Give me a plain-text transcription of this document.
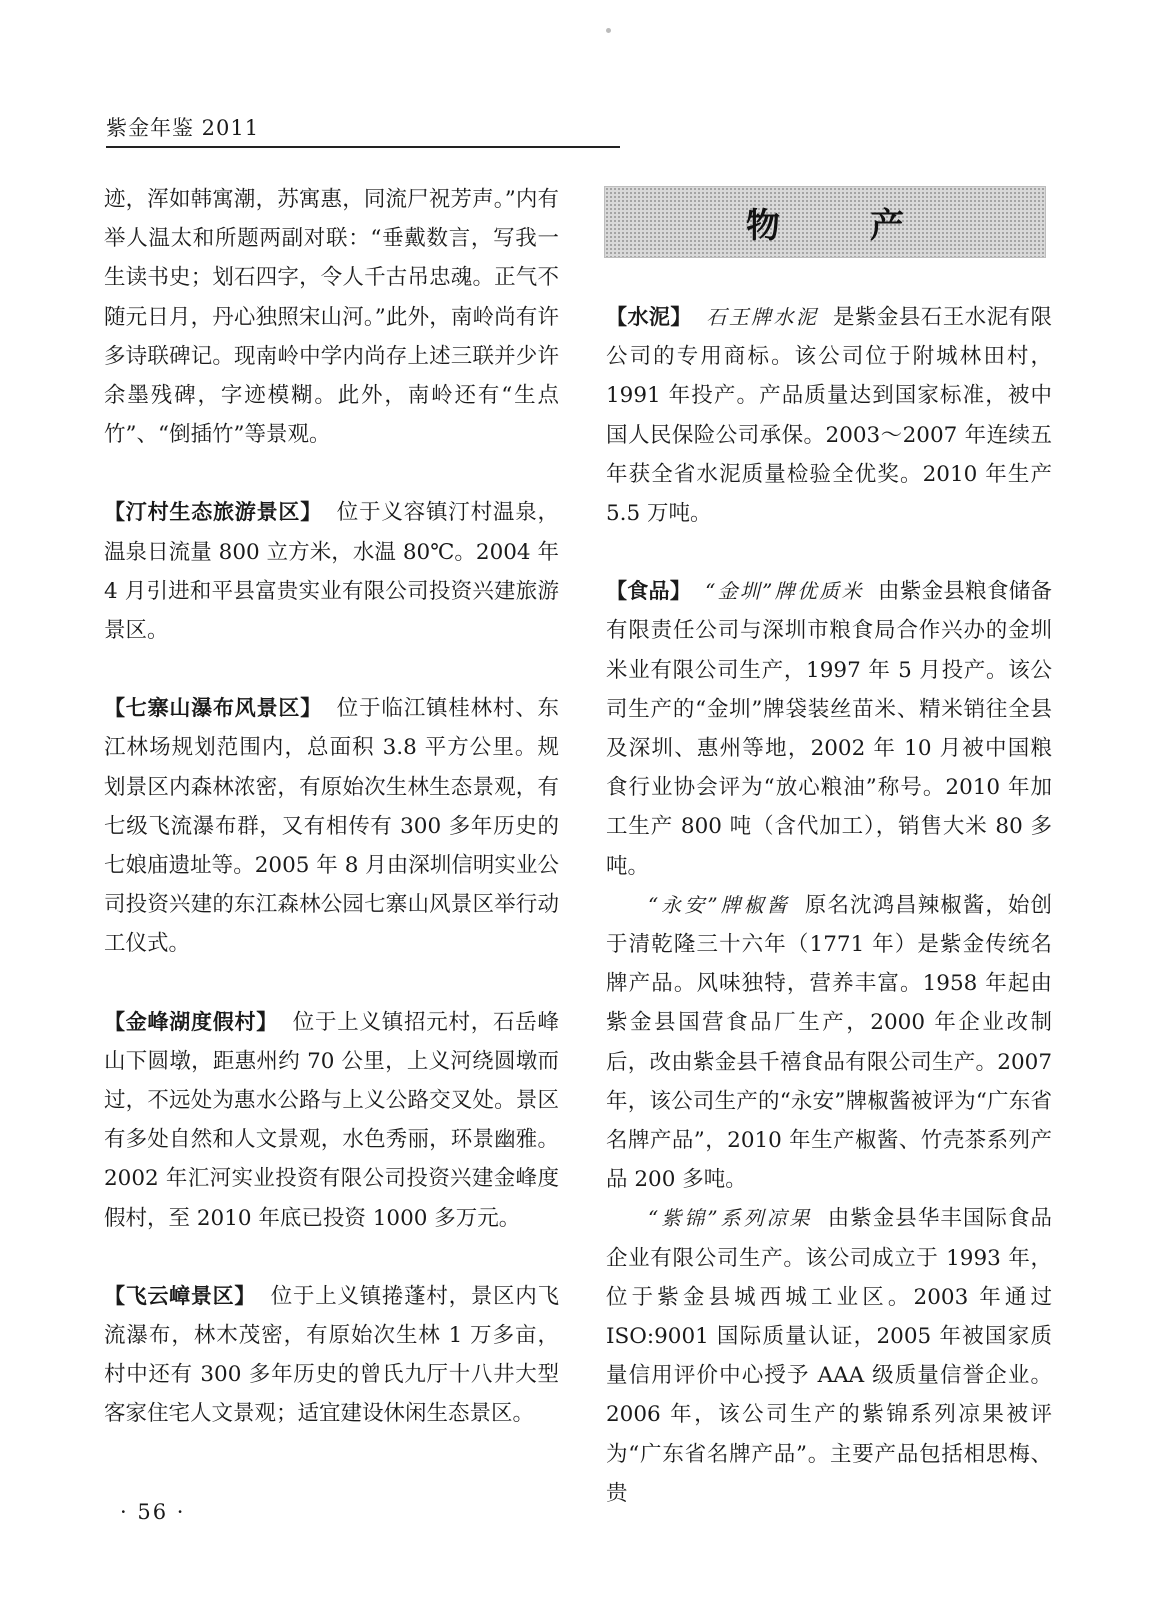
紫金年鉴 2011

迹，浑如韩寓潮，苏寓惠，同流尸祝芳声。”内有举人温太和所题两副对联：“垂戴数言，写我一生读书史；划石四字，令人千古吊忠魂。正气不随元日月，丹心独照宋山河。”此外，南岭尚有许多诗联碑记。现南岭中学内尚存上述三联并少许余墨残碑，字迹模糊。此外，南岭还有“生点竹”、“倒插竹”等景观。

【汀村生态旅游景区】 位于义容镇汀村温泉，温泉日流量 800 立方米，水温 80℃。2004 年 4 月引进和平县富贵实业有限公司投资兴建旅游景区。

【七寨山瀑布风景区】 位于临江镇桂林村、东江林场规划范围内，总面积 3.8 平方公里。规划景区内森林浓密，有原始次生林生态景观，有七级飞流瀑布群，又有相传有 300 多年历史的七娘庙遗址等。2005 年 8 月由深圳信明实业公司投资兴建的东江森林公园七寨山风景区举行动工仪式。

【金峰湖度假村】 位于上义镇招元村，石岳峰山下圆墩，距惠州约 70 公里，上义河绕圆墩而过，不远处为惠水公路与上义公路交叉处。景区有多处自然和人文景观，水色秀丽，环景幽雅。2002 年汇河实业投资有限公司投资兴建金峰度假村，至 2010 年底已投资 1000 多万元。

【飞云嶂景区】 位于上义镇捲蓬村，景区内飞流瀑布，林木茂密，有原始次生林 1 万多亩，村中还有 300 多年历史的曾氏九厅十八井大型客家住宅人文景观；适宜建设休闲生态景区。

物产

【水泥】 石王牌水泥 是紫金县石王水泥有限公司的专用商标。该公司位于附城林田村，1991 年投产。产品质量达到国家标准，被中国人民保险公司承保。2003～2007 年连续五年获全省水泥质量检验全优奖。2010 年生产5.5 万吨。

【食品】 “金圳”牌优质米 由紫金县粮食储备有限责任公司与深圳市粮食局合作兴办的金圳米业有限公司生产，1997 年 5 月投产。该公司生产的“金圳”牌袋装丝苗米、精米销往全县及深圳、惠州等地，2002 年 10 月被中国粮食行业协会评为“放心粮油”称号。2010 年加工生产 800 吨（含代加工），销售大米 80 多吨。

“永安”牌椒酱 原名沈鸿昌辣椒酱，始创于清乾隆三十六年（1771 年）是紫金传统名牌产品。风味独特，营养丰富。1958 年起由紫金县国营食品厂生产，2000 年企业改制后，改由紫金县千禧食品有限公司生产。2007 年，该公司生产的“永安”牌椒酱被评为“广东省名牌产品”，2010 年生产椒酱、竹壳茶系列产品 200 多吨。

“紫锦”系列凉果 由紫金县华丰国际食品企业有限公司生产。该公司成立于 1993 年，位于紫金县城西城工业区。2003 年通过 ISO:9001 国际质量认证，2005 年被国家质量信用评价中心授予 AAA 级质量信誉企业。2006 年，该公司生产的紫锦系列凉果被评为“广东省名牌产品”。主要产品包括相思梅、贵

· 56 ·
